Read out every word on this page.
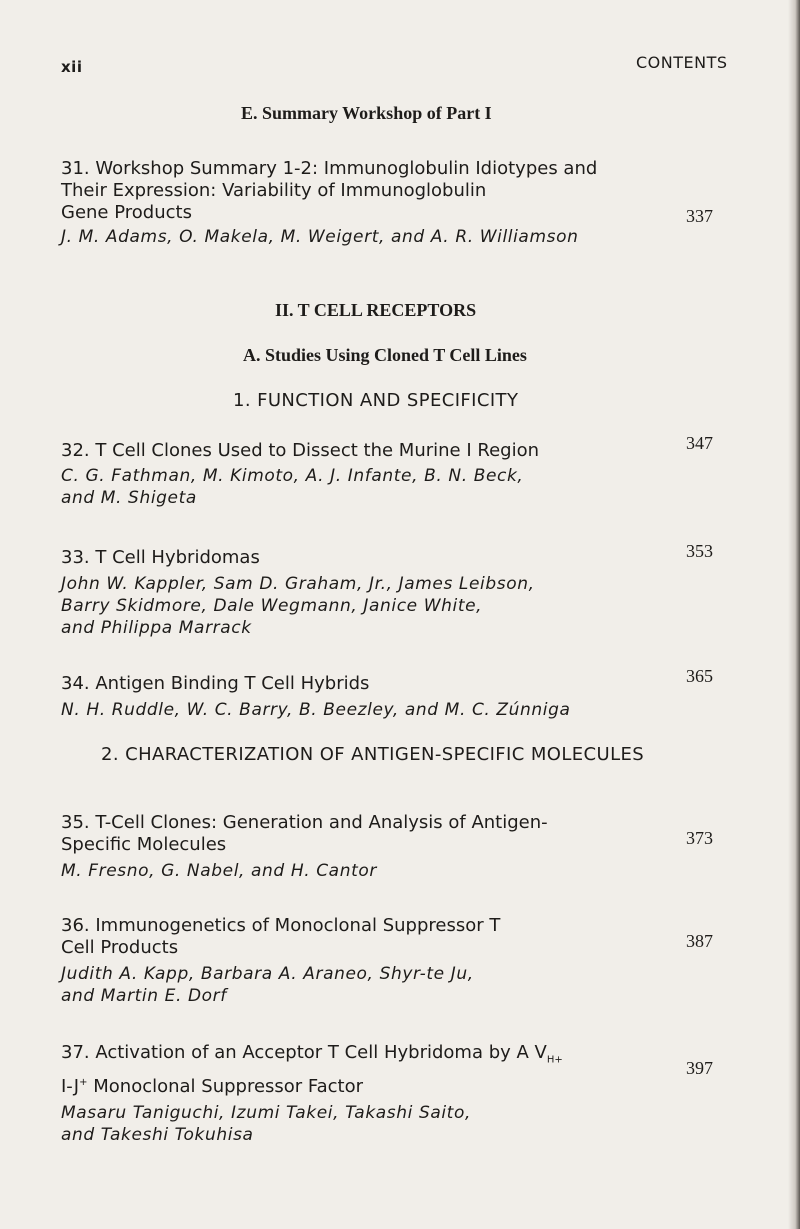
xii	CONTENTS
E. Summary Workshop of Part I
31. Workshop Summary 1-2: Immunoglobulin Idiotypes and
Their Expression: Variability of Immunoglobulin
Gene Products
J. M. Adams, O. Makela, M. Weigert, and A. R. Williamson
337
II. T CELL RECEPTORS
A. Studies Using Cloned T Cell Lines
1. FUNCTION AND SPECIFICITY
32. T Cell Clones Used to Dissect the Murine I Region
C. G. Fathman, M. Kimoto, A. J. Infante, B. N. Beck,
and M. Shigeta
347
33. T Cell Hybridomas
John W. Kappler, Sam D. Graham, Jr., James Leibson,
Barry Skidmore, Dale Wegmann, Janice White,
and Philippa Marrack
353
34. Antigen Binding T Cell Hybrids
N. H. Ruddle, W. C. Barry, B. Beezley, and M. C. Zúnniga
365
2. CHARACTERIZATION OF ANTIGEN-SPECIFIC MOLECULES
35. T-Cell Clones: Generation and Analysis of Antigen-
Specific Molecules
M. Fresno, G. Nabel, and H. Cantor
373
36. Immunogenetics of Monoclonal Suppressor T
Cell Products
Judith A. Kapp, Barbara A. Araneo, Shyr-te Ju,
and Martin E. Dorf
387
37. Activation of an Acceptor T Cell Hybridoma by A $V_{H+}$
I-J+ Monoclonal Suppressor Factor
Masaru Taniguchi, Izumi Takei, Takashi Saito,
and Takeshi Tokuhisa
397
